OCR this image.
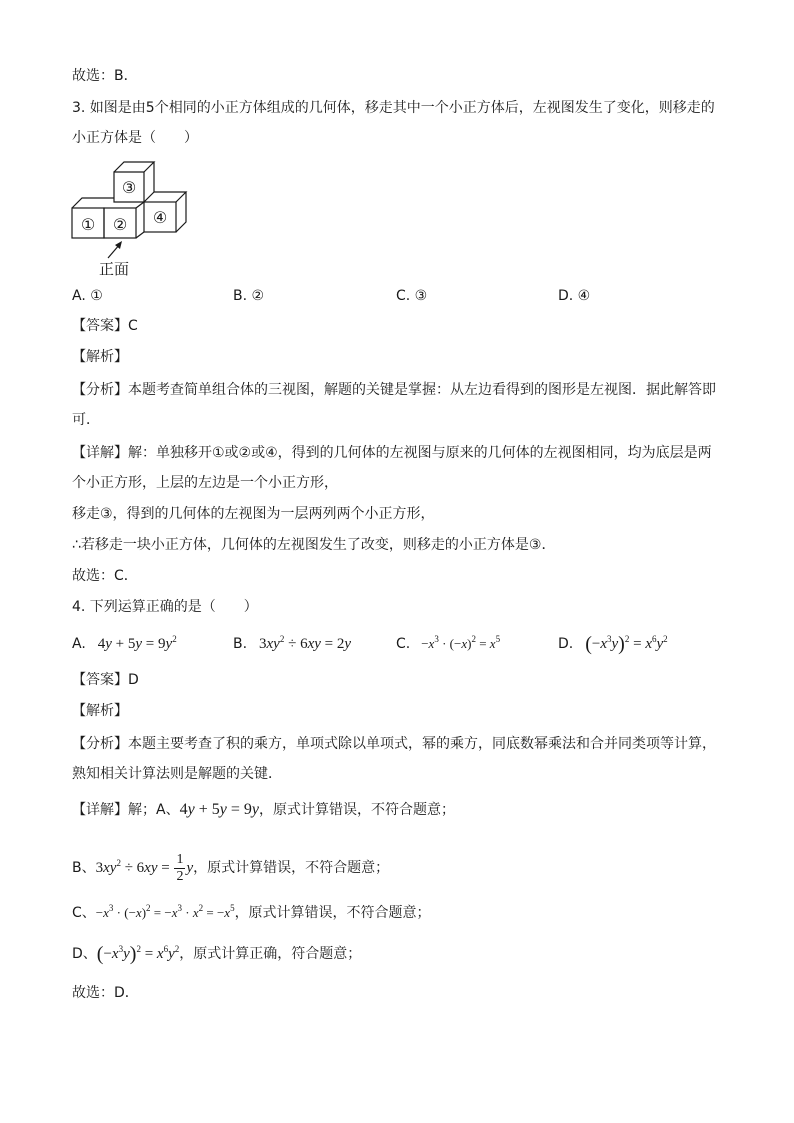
故选：B．
3. 如图是由5个相同的小正方体组成的几何体，移走其中一个小正方体后，左视图发生了变化，则移走的
小正方体是（　　）
① ②
③
④
正面
A. ①	B. ②	C. ③	D. ④
【答案】C
【解析】
【分析】本题考查简单组合体的三视图，解题的关键是掌握：从左边看得到的图形是左视图．据此解答即
可．
【详解】解：单独移开①或②或④，得到的几何体的左视图与原来的几何体的左视图相同，均为底层是两
个小正方形，上层的左边是一个小正方形，
移走③，得到的几何体的左视图为一层两列两个小正方形，
∴若移走一块小正方体，几何体的左视图发生了改变，则移走的小正方体是③．
故选：C．
4. 下列运算正确的是（　　）
A. $4y + 5y = 9y^2$	B. $3xy^2 \div 6xy = 2y$	C. $-x^3 \cdot (-x)^2 = x^5$	D. $(-x^3y)^2 = x^6y^2$
【答案】D
【解析】
【分析】本题主要考查了积的乘方，单项式除以单项式，幂的乘方，同底数幂乘法和合并同类项等计算，
熟知相关计算法则是解题的关键．
【详解】解；A、4y + 5y = 9y，原式计算错误，不符合题意；
B、$3xy^2 \div 6xy = \frac{1}{2}$ y，原式计算错误，不符合题意；
C、$-x^3 \cdot (-x)^2 = -x^3 \cdot x^2 = -x^5$，原式计算错误，不符合题意；
D、$(-x^3y)^2 = x^6y^2$，原式计算正确，符合题意；
故选：D．
